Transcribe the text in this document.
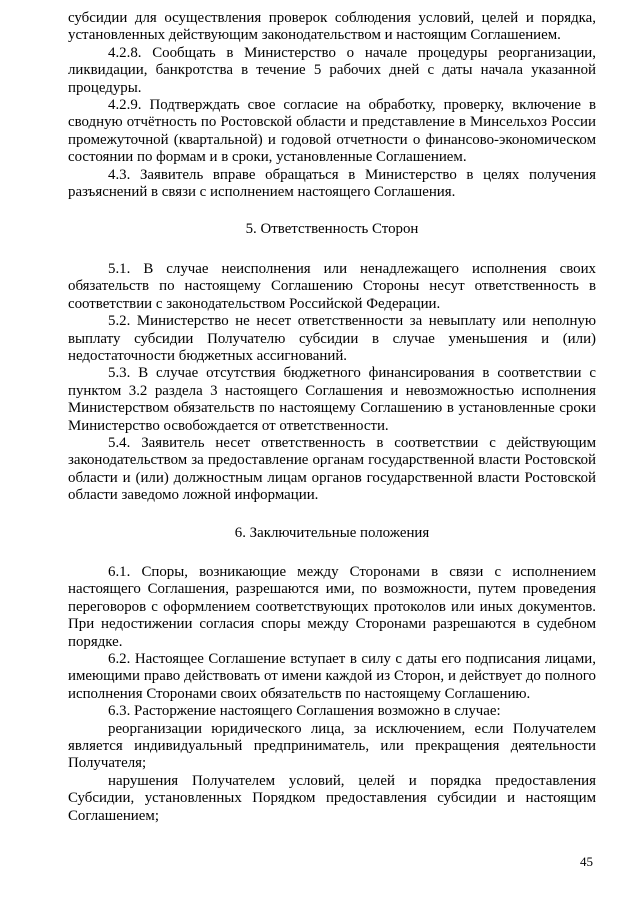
субсидии для осуществления проверок соблюдения условий, целей и порядка, установленных действующим законодательством и настоящим Соглашением.

4.2.8. Сообщать в Министерство о начале процедуры реорганизации, ликвидации, банкротства в течение 5 рабочих дней с даты начала указанной процедуры.

4.2.9. Подтверждать свое согласие на обработку, проверку, включение в сводную отчётность по Ростовской области и представление в Минсельхоз России промежуточной (квартальной) и годовой отчетности о финансово-экономическом состоянии по формам и в сроки, установленные Соглашением.

4.3. Заявитель вправе обращаться в Министерство в целях получения разъяснений в связи с исполнением настоящего Соглашения.

5. Ответственность Сторон

5.1. В случае неисполнения или ненадлежащего исполнения своих обязательств по настоящему Соглашению Стороны несут ответственность в соответствии с законодательством Российской Федерации.

5.2. Министерство не несет ответственности за невыплату или неполную выплату субсидии Получателю субсидии в случае уменьшения и (или) недостаточности бюджетных ассигнований.

5.3. В случае отсутствия бюджетного финансирования в соответствии с пунктом 3.2 раздела 3 настоящего Соглашения и невозможностью исполнения Министерством обязательств по настоящему Соглашению в установленные сроки Министерство освобождается от ответственности.

5.4. Заявитель несет ответственность в соответствии с действующим законодательством за предоставление органам государственной власти Ростовской области и (или) должностным лицам органов государственной власти Ростовской области заведомо ложной информации.

6. Заключительные положения

6.1. Споры, возникающие между Сторонами в связи с исполнением настоящего Соглашения, разрешаются ими, по возможности, путем проведения переговоров с оформлением соответствующих протоколов или иных документов. При недостижении согласия споры между Сторонами разрешаются в судебном порядке.

6.2. Настоящее Соглашение вступает в силу с даты его подписания лицами, имеющими право действовать от имени каждой из Сторон, и действует до полного исполнения Сторонами своих обязательств по настоящему Соглашению.

6.3. Расторжение настоящего Соглашения возможно в случае:

реорганизации юридического лица, за исключением, если Получателем является индивидуальный предприниматель, или прекращения деятельности Получателя;

нарушения Получателем условий, целей и порядка предоставления Субсидии, установленных Порядком предоставления субсидии и настоящим Соглашением;

45
